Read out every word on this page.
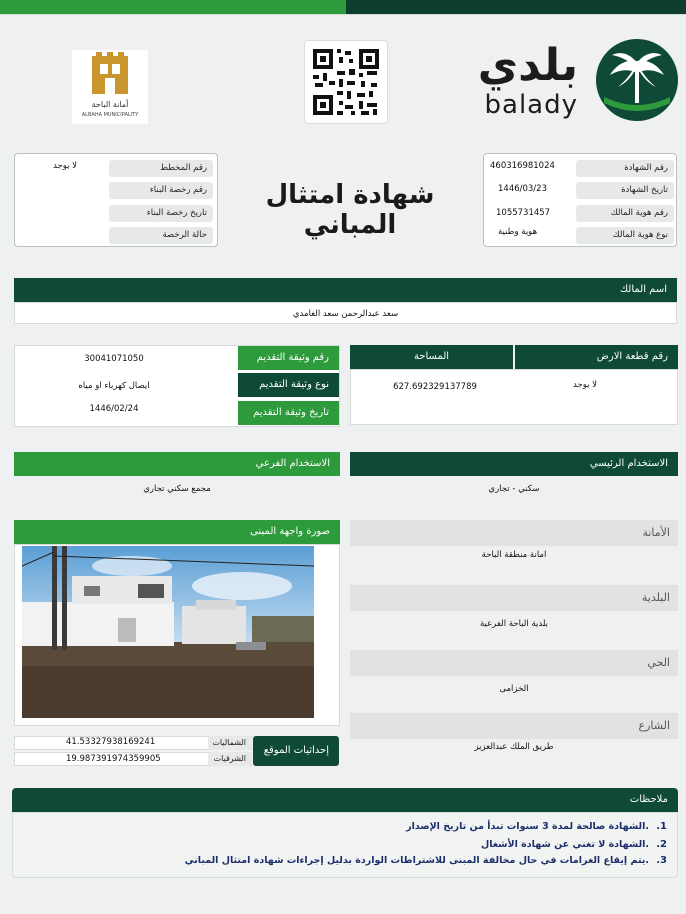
بلدي
balady
أمانة الباحة
ALBAHA MUNICIPALITY
رقم الشهادة
460316981024
تاريخ الشهادة
1446/03/23
رقم هوية المالك
1055731457
نوع هوية المالك
هوية وطنية
رقم المخطط
لا يوجد
رقم رخصة البناء
تاريخ رخصة البناء
حالة الرخصة
شهادة امتثال المباني
اسم المالك
سعد عبدالرحمن سعد الغامدي
رقم قطعة الارض
المساحة
لا يوجد
627.692329137789
رقم وثيقة التقديم
30041071050
نوع وثيقة التقديم
ايصال كهرباء او مياه
تاريخ وثيقة التقديم
1446/02/24
الاستخدام الرئيسي
سكني - تجاري
الاستخدام الفرعي
مجمع سكني تجاري
صورة واجهة المبنى
إحداثيات الموقع
الشماليات
41.53327938169241
الشرقيات
19.987391974359905
الأمانة
امانة منطقة الباحة
البلدية
بلدية الباحة الفرعية
الحي
الخزامى
الشارع
طريق الملك عبدالعزيز
ملاحظات
.1
الشهادة صالحة لمدة 3 سنوات تبدأ من تاريخ الإصدار.
.2
الشهادة لا تغني عن شهادة الأشغال.
.3
يتم إيقاع الغرامات في حال مخالفة المبنى للاشتراطات الواردة بدليل إجراءات شهادة امتثال المباني.
